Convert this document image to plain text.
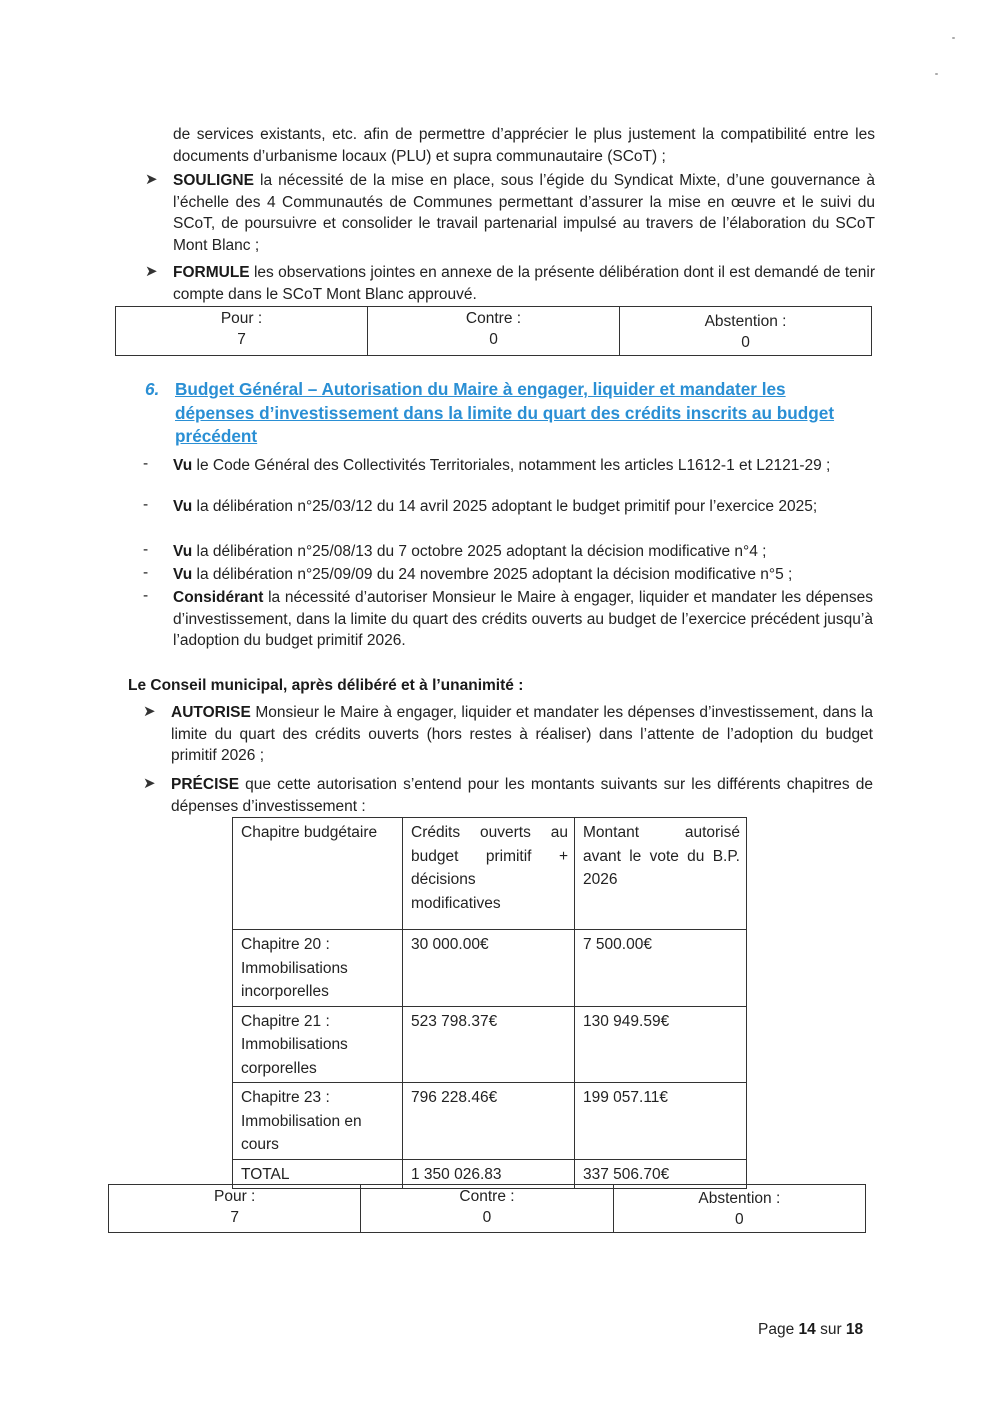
de services existants, etc. afin de permettre d’apprécier le plus justement la compatibilité entre les documents d’urbanisme locaux (PLU) et supra communautaire (SCoT) ;
➤ SOULIGNE la nécessité de la mise en place, sous l’égide du Syndicat Mixte, d’une gouvernance à l’échelle des 4 Communautés de Communes permettant d’assurer la mise en œuvre et le suivi du SCoT, de poursuivre et consolider le travail partenarial impulsé au travers de l’élaboration du SCoT Mont Blanc ;
➤ FORMULE les observations jointes en annexe de la présente délibération dont il est demandé de tenir compte dans le SCoT Mont Blanc approuvé.
Pour :
7

Contre :
0

Abstention :
0
6. Budget Général – Autorisation du Maire à engager, liquider et mandater les dépenses d’investissement dans la limite du quart des crédits inscrits au budget précédent
- Vu le Code Général des Collectivités Territoriales, notamment les articles L1612-1 et L2121-29 ;
- Vu la délibération n°25/03/12 du 14 avril 2025 adoptant le budget primitif pour l’exercice 2025;
- Vu la délibération n°25/08/13 du 7 octobre 2025 adoptant la décision modificative n°4 ;
- Vu la délibération n°25/09/09 du 24 novembre 2025 adoptant la décision modificative n°5 ;
- Considérant la nécessité d’autoriser Monsieur le Maire à engager, liquider et mandater les dépenses d’investissement, dans la limite du quart des crédits ouverts au budget de l’exercice précédent jusqu’à l’adoption du budget primitif 2026.
Le Conseil municipal, après délibéré et à l’unanimité :
➤ AUTORISE Monsieur le Maire à engager, liquider et mandater les dépenses d’investissement, dans la limite du quart des crédits ouverts (hors restes à réaliser) dans l’attente de l’adoption du budget primitif 2026 ;
➤ PRÉCISE que cette autorisation s’entend pour les montants suivants sur les différents chapitres de dépenses d’investissement :
Chapitre budgétaire	Crédits ouverts au budget primitif + décisions modificatives	Montant autorisé avant le vote du B.P. 2026
Chapitre 20 : Immobilisations incorporelles	30 000.00€	7 500.00€
Chapitre 21 : Immobilisations corporelles	523 798.37€	130 949.59€
Chapitre 23 : Immobilisation en cours	796 228.46€	199 057.11€
TOTAL	1 350 026.83	337 506.70€
Pour :
7

Contre :
0

Abstention :
0
Page 14 sur 18
